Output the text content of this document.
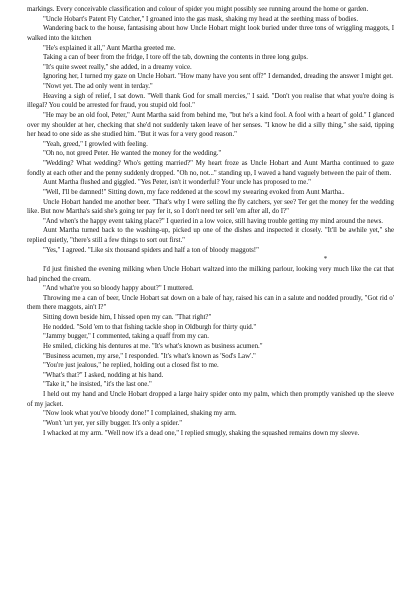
markings. Every conceivable classification and colour of spider you might possibly see running around the home or garden.

"Uncle Hobart's Patent Fly Catcher," I groaned into the gas mask, shaking my head at the seething mass of bodies.

Wandering back to the house, fantasising about how Uncle Hobart might look buried under three tons of wriggling maggots, I walked into the kitchen

"He's explained it all," Aunt Martha greeted me.

Taking a can of beer from the fridge, I tore off the tab, downing the contents in three long gulps.

"It's quite sweet really," she added, in a dreamy voice.

Ignoring her, I turned my gaze on Uncle Hobart. "How many have you sent off?" I demanded, dreading the answer I might get.

"Nowt yet. The ad only went in terday."

Heaving a sigh of relief, I sat down. "Well thank God for small mercies," I said. "Don't you realise that what you're doing is illegal? You could be arrested for fraud, you stupid old fool."

"He may be an old fool, Peter," Aunt Martha said from behind me, "but he's a kind fool. A fool with a heart of gold." I glanced over my shoulder at her, checking that she'd not suddenly taken leave of her senses. "I know he did a silly thing," she said, tipping her head to one side as she studied him. "But it was for a very good reason."

"Yeah, greed," I growled with feeling.

"Oh no, not greed Peter. He wanted the money for the wedding."

"Wedding? What wedding? Who's getting married?" My heart froze as Uncle Hobart and Aunt Martha continued to gaze fondly at each other and the penny suddenly dropped. "Oh no, not..." standing up, I waved a hand vaguely between the pair of them.

Aunt Martha flushed and giggled. "Yes Peter, isn't it wonderful? Your uncle has proposed to me."

"Well, I'll be damned!" Sitting down, my face reddened at the scowl my swearing evoked from Aunt Martha..

Uncle Hobart handed me another beer. "That's why I were selling the fly catchers, yer see? Ter get the money fer the wedding like. But now Martha's said she's going ter pay fer it, so I don't need ter sell 'em after all, do I?"

"And when's the happy event taking place?" I queried in a low voice, still having trouble getting my mind around the news.

Aunt Martha turned back to the washing-up, picked up one of the dishes and inspected it closely. "It'll be awhile yet," she replied quietly, "there's still a few things to sort out first."

"Yes," I agreed. "Like six thousand spiders and half a ton of bloody maggots!"

*

I'd just finished the evening milking when Uncle Hobart waltzed into the milking parlour, looking very much like the cat that had pinched the cream.

"And what're you so bloody happy about?" I muttered.

Throwing me a can of beer, Uncle Hobart sat down on a bale of hay, raised his can in a salute and nodded proudly, "Got rid o' them there maggots, ain't I?"

Sitting down beside him, I hissed open my can. "That right?"

He nodded. "Sold 'em to that fishing tackle shop in Oldburgh for thirty quid."

"Jammy bugger," I commented, taking a quaff from my can.

He smiled, clicking his dentures at me. "It's what's known as business acumen."

"Business acumen, my arse," I responded. "It's what's known as 'Sod's Law'."

"You're just jealous," he replied, holding out a closed fist to me.

"What's that?" I asked, nodding at his hand.

"Take it," he insisted, "it's the last one."

I held out my hand and Uncle Hobart dropped a large hairy spider onto my palm, which then promptly vanished up the sleeve of my jacket.

"Now look what you've bloody done!" I complained, shaking my arm.

"Won't 'urt yer, yer silly bugger. It's only a spider."

I whacked at my arm. "Well now it's a dead one," I replied smugly, shaking the squashed remains down my sleeve.
